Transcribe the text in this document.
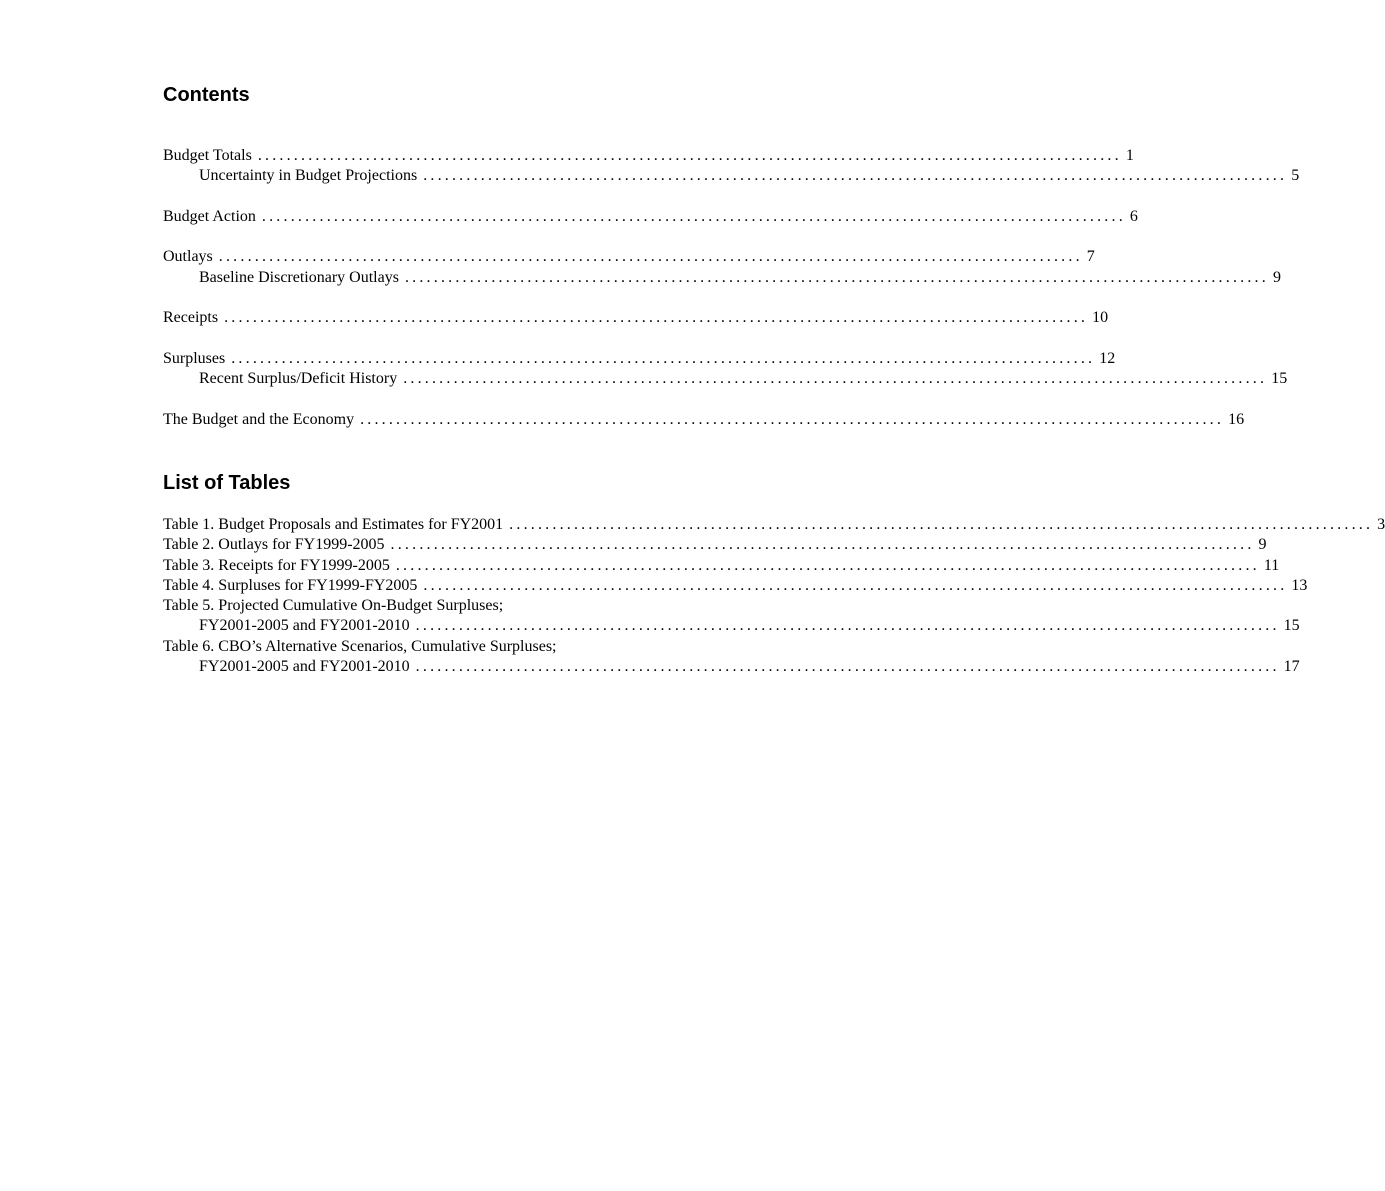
Contents
Budget Totals ........................................................................................................................ 1
Uncertainty in Budget Projections ........................................................................................................................ 5
Budget Action ........................................................................................................................ 6
Outlays ........................................................................................................................ 7
Baseline Discretionary Outlays ........................................................................................................................ 9
Receipts ........................................................................................................................ 10
Surpluses ........................................................................................................................ 12
Recent Surplus/Deficit History ........................................................................................................................ 15
The Budget and the Economy ........................................................................................................................ 16
List of Tables
Table 1. Budget Proposals and Estimates for FY2001 ........................................................................................................................ 3
Table 2. Outlays for FY1999-2005 ........................................................................................................................ 9
Table 3. Receipts for FY1999-2005 ........................................................................................................................ 11
Table 4. Surpluses for FY1999-FY2005 ........................................................................................................................ 13
Table 5. Projected Cumulative On-Budget Surpluses;
FY2001-2005 and FY2001-2010 ........................................................................................................................ 15
Table 6. CBO’s Alternative Scenarios, Cumulative Surpluses;
FY2001-2005 and FY2001-2010 ........................................................................................................................ 17
